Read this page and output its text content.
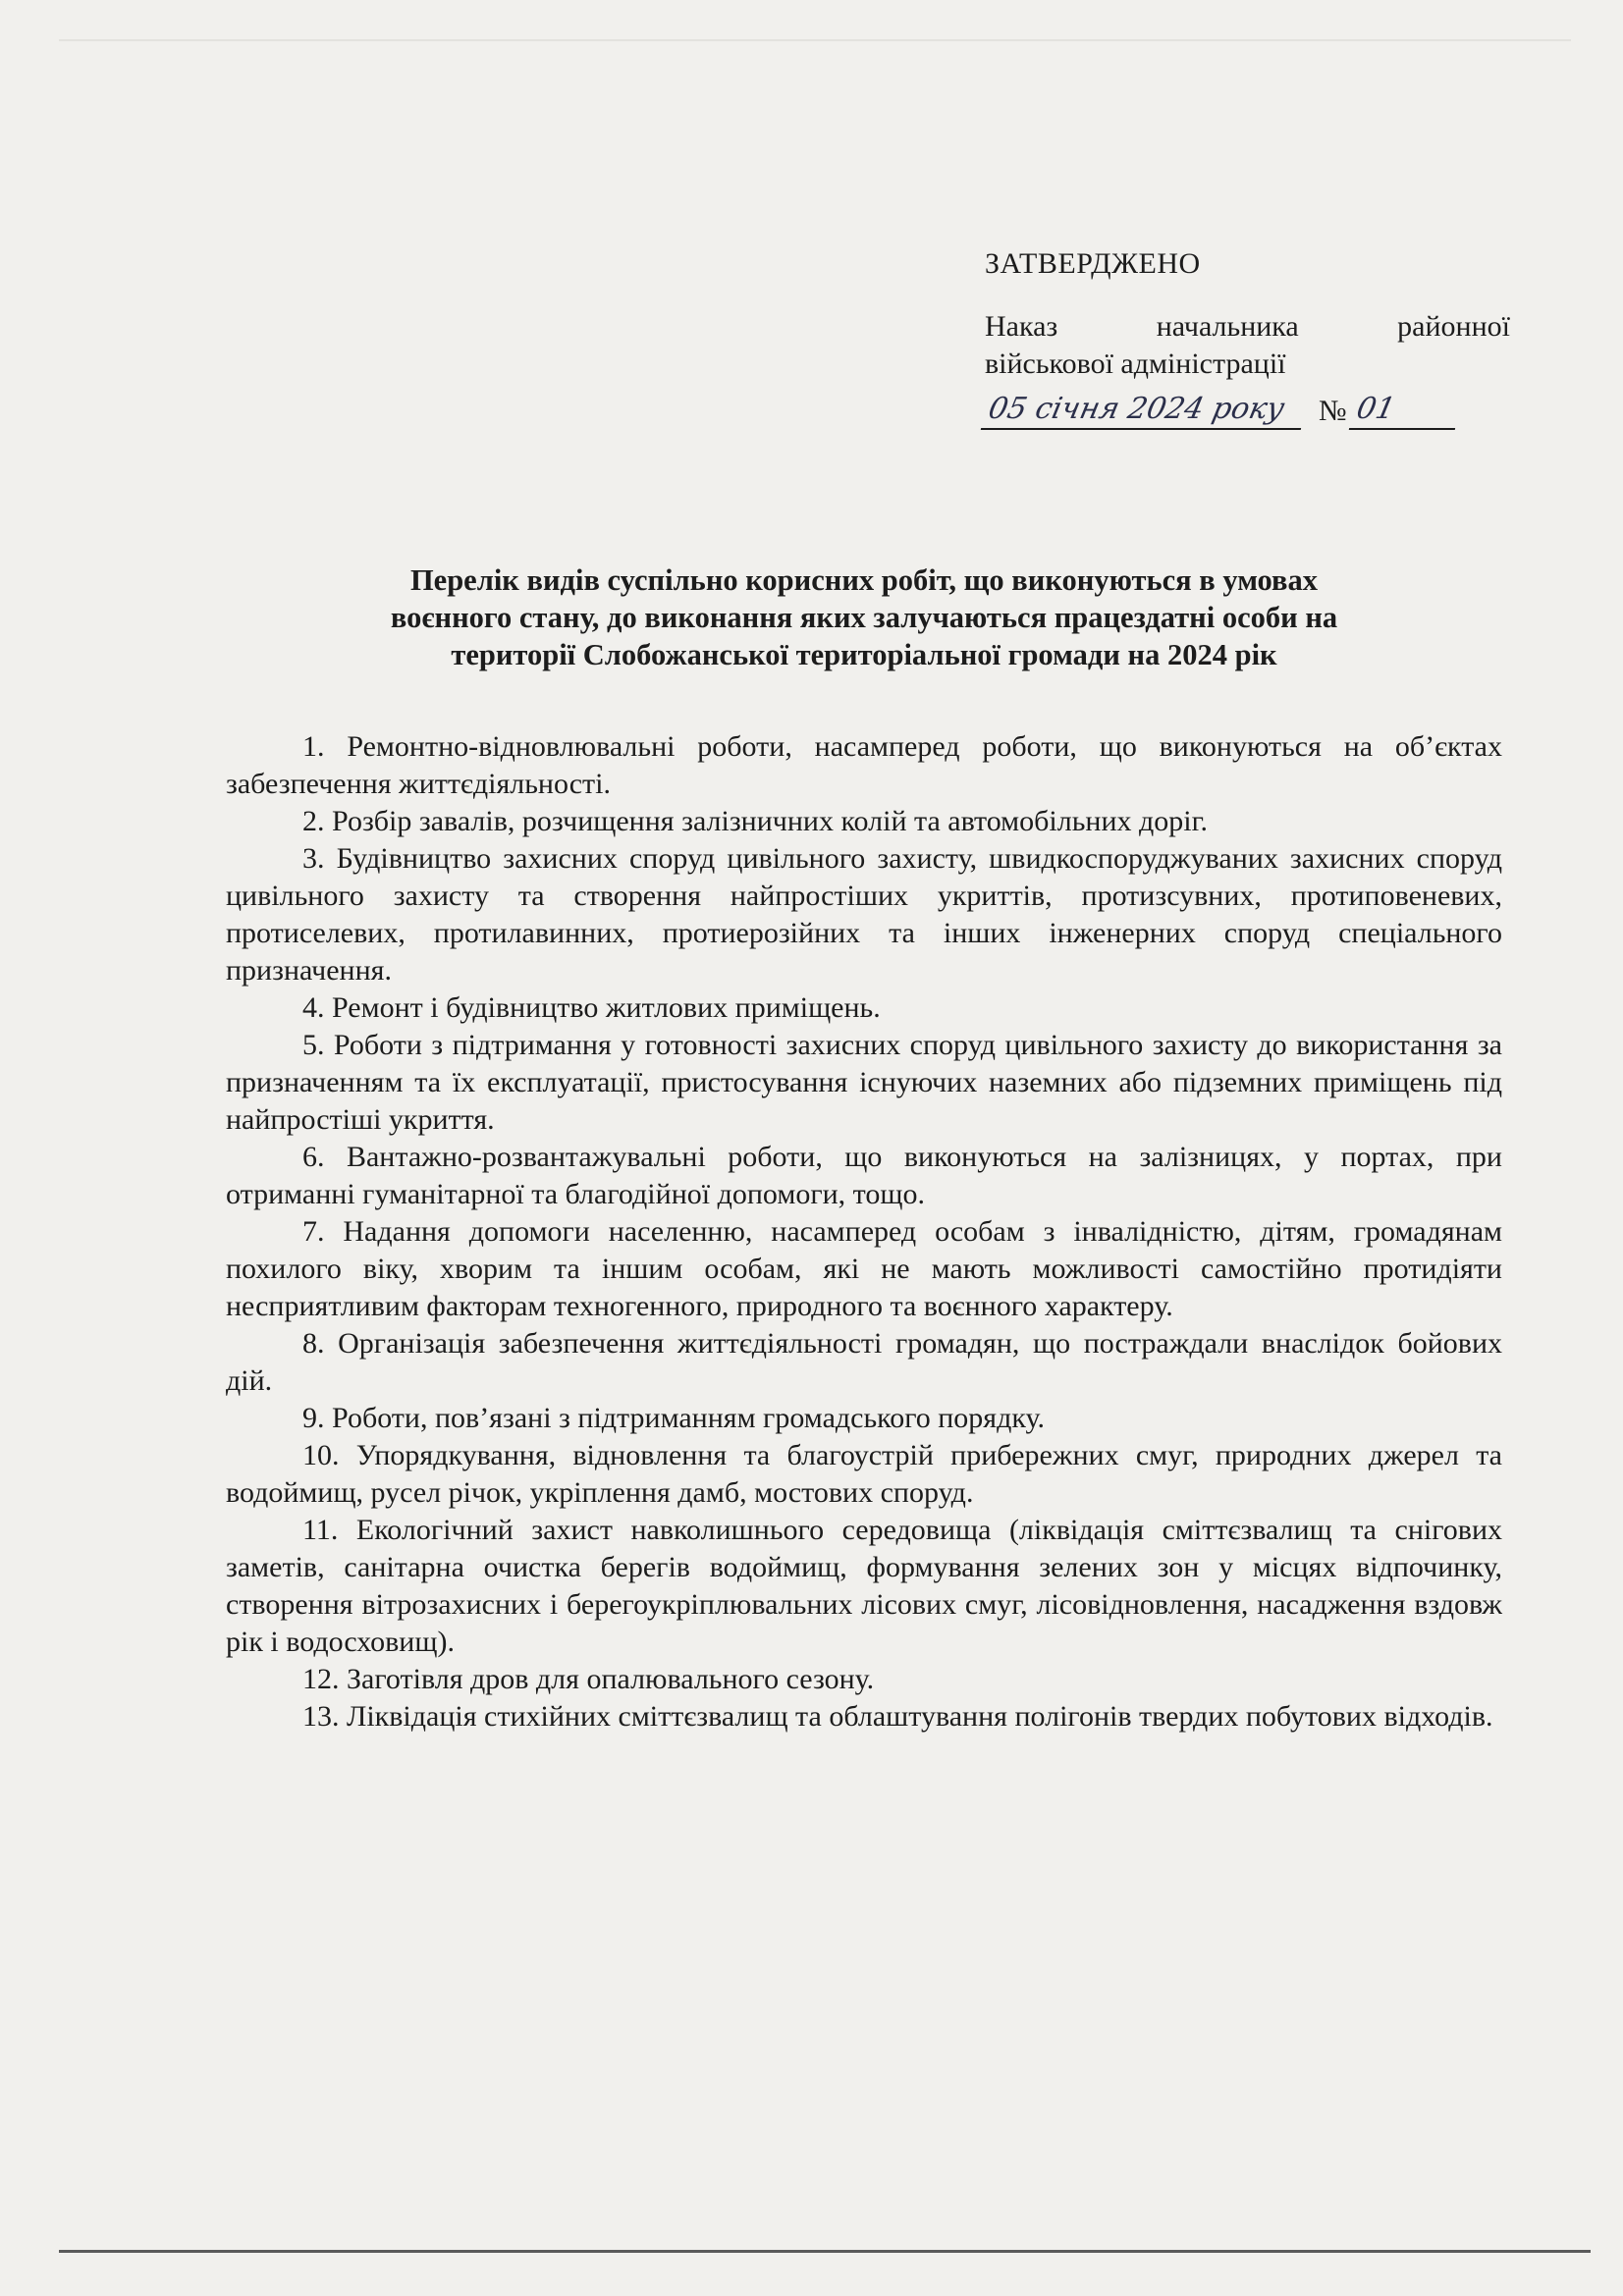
ЗАТВЕРДЖЕНО
Наказ	начальника	районної
військової адміністрації
05 січня 2024 року	№ 01
Перелік видів суспільно корисних робіт, що виконуються в умовах
воєнного стану, до виконання яких залучаються працездатні особи на
території Слобожанської територіальної громади на 2024 рік

1. Ремонтно-відновлювальні роботи, насамперед роботи, що виконуються на об’єктах забезпечення життєдіяльності.

2. Розбір завалів, розчищення залізничних колій та автомобільних доріг.

3. Будівництво захисних споруд цивільного захисту, швидкоспоруджуваних захисних споруд цивільного захисту та створення найпростіших укриттів, протизсувних, протиповеневих, протиселевих, протилавинних, протиерозійних та інших інженерних споруд спеціального призначення.

4. Ремонт і будівництво житлових приміщень.

5. Роботи з підтримання у готовності захисних споруд цивільного захисту до використання за призначенням та їх експлуатації, пристосування існуючих наземних або підземних приміщень під найпростіші укриття.

6. Вантажно-розвантажувальні роботи, що виконуються на залізницях, у портах, при отриманні гуманітарної та благодійної допомоги, тощо.

7. Надання допомоги населенню, насамперед особам з інвалідністю, дітям, громадянам похилого віку, хворим та іншим особам, які не мають можливості самостійно протидіяти несприятливим факторам техногенного, природного та воєнного характеру.

8. Організація забезпечення життєдіяльності громадян, що постраждали внаслідок бойових дій.

9. Роботи, пов’язані з підтриманням громадського порядку.

10. Упорядкування, відновлення та благоустрій прибережних смуг, природних джерел та водоймищ, русел річок, укріплення дамб, мостових споруд.

11. Екологічний захист навколишнього середовища (ліквідація сміттєзвалищ та снігових заметів, санітарна очистка берегів водоймищ, формування зелених зон у місцях відпочинку, створення вітрозахисних і берегоукріплювальних лісових смуг, лісовідновлення, насадження вздовж рік і водосховищ).

12. Заготівля дров для опалювального сезону.

13. Ліквідація стихійних сміттєзвалищ та облаштування полігонів твердих побутових відходів.
